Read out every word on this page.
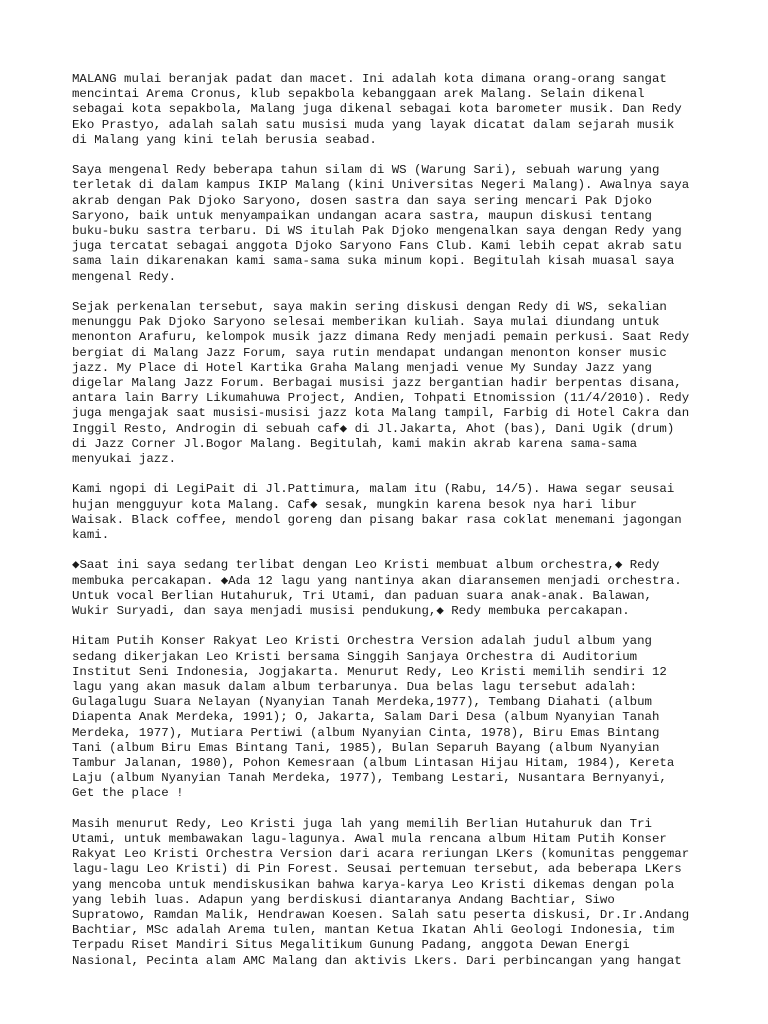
MALANG mulai beranjak padat dan macet. Ini adalah kota dimana orang-orang sangat
mencintai Arema Cronus, klub sepakbola kebanggaan arek Malang. Selain dikenal
sebagai kota sepakbola, Malang juga dikenal sebagai kota barometer musik. Dan Redy
Eko Prastyo, adalah salah satu musisi muda yang layak dicatat dalam sejarah musik
di Malang yang kini telah berusia seabad.

Saya mengenal Redy beberapa tahun silam di WS (Warung Sari), sebuah warung yang
terletak di dalam kampus IKIP Malang (kini Universitas Negeri Malang). Awalnya saya
akrab dengan Pak Djoko Saryono, dosen sastra dan saya sering mencari Pak Djoko
Saryono, baik untuk menyampaikan undangan acara sastra, maupun diskusi tentang
buku-buku sastra terbaru. Di WS itulah Pak Djoko mengenalkan saya dengan Redy yang
juga tercatat sebagai anggota Djoko Saryono Fans Club. Kami lebih cepat akrab satu
sama lain dikarenakan kami sama-sama suka minum kopi. Begitulah kisah muasal saya
mengenal Redy.

Sejak perkenalan tersebut, saya makin sering diskusi dengan Redy di WS, sekalian
menunggu Pak Djoko Saryono selesai memberikan kuliah. Saya mulai diundang untuk
menonton Arafuru, kelompok musik jazz dimana Redy menjadi pemain perkusi. Saat Redy
bergiat di Malang Jazz Forum, saya rutin mendapat undangan menonton konser music
jazz. My Place di Hotel Kartika Graha Malang menjadi venue My Sunday Jazz yang
digelar Malang Jazz Forum. Berbagai musisi jazz bergantian hadir berpentas disana,
antara lain Barry Likumahuwa Project, Andien, Tohpati Etnomission (11/4/2010). Redy
juga mengajak saat musisi-musisi jazz kota Malang tampil, Farbig di Hotel Cakra dan
Inggil Resto, Androgin di sebuah caf◆ di Jl.Jakarta, Ahot (bas), Dani Ugik (drum)
di Jazz Corner Jl.Bogor Malang. Begitulah, kami makin akrab karena sama-sama
menyukai jazz.

Kami ngopi di LegiPait di Jl.Pattimura, malam itu (Rabu, 14/5). Hawa segar seusai
hujan mengguyur kota Malang. Caf◆ sesak, mungkin karena besok nya hari libur
Waisak. Black coffee, mendol goreng dan pisang bakar rasa coklat menemani jagongan
kami.

◆Saat ini saya sedang terlibat dengan Leo Kristi membuat album orchestra,◆ Redy
membuka percakapan. ◆Ada 12 lagu yang nantinya akan diaransemen menjadi orchestra.
Untuk vocal Berlian Hutahuruk, Tri Utami, dan paduan suara anak-anak. Balawan,
Wukir Suryadi, dan saya menjadi musisi pendukung,◆ Redy membuka percakapan.

Hitam Putih Konser Rakyat Leo Kristi Orchestra Version adalah judul album yang
sedang dikerjakan Leo Kristi bersama Singgih Sanjaya Orchestra di Auditorium
Institut Seni Indonesia, Jogjakarta. Menurut Redy, Leo Kristi memilih sendiri 12
lagu yang akan masuk dalam album terbarunya. Dua belas lagu tersebut adalah:
Gulagalugu Suara Nelayan (Nyanyian Tanah Merdeka,1977), Tembang Diahati (album
Diapenta Anak Merdeka, 1991); O, Jakarta, Salam Dari Desa (album Nyanyian Tanah
Merdeka, 1977), Mutiara Pertiwi (album Nyanyian Cinta, 1978), Biru Emas Bintang
Tani (album Biru Emas Bintang Tani, 1985), Bulan Separuh Bayang (album Nyanyian
Tambur Jalanan, 1980), Pohon Kemesraan (album Lintasan Hijau Hitam, 1984), Kereta
Laju (album Nyanyian Tanah Merdeka, 1977), Tembang Lestari, Nusantara Bernyanyi,
Get the place !

Masih menurut Redy, Leo Kristi juga lah yang memilih Berlian Hutahuruk dan Tri
Utami, untuk membawakan lagu-lagunya. Awal mula rencana album Hitam Putih Konser
Rakyat Leo Kristi Orchestra Version dari acara reriungan LKers (komunitas penggemar
lagu-lagu Leo Kristi) di Pin Forest. Seusai pertemuan tersebut, ada beberapa LKers
yang mencoba untuk mendiskusikan bahwa karya-karya Leo Kristi dikemas dengan pola
yang lebih luas. Adapun yang berdiskusi diantaranya Andang Bachtiar, Siwo
Supratowo, Ramdan Malik, Hendrawan Koesen. Salah satu peserta diskusi, Dr.Ir.Andang
Bachtiar, MSc adalah Arema tulen, mantan Ketua Ikatan Ahli Geologi Indonesia, tim
Terpadu Riset Mandiri Situs Megalitikum Gunung Padang, anggota Dewan Energi
Nasional, Pecinta alam AMC Malang dan aktivis Lkers. Dari perbincangan yang hangat
